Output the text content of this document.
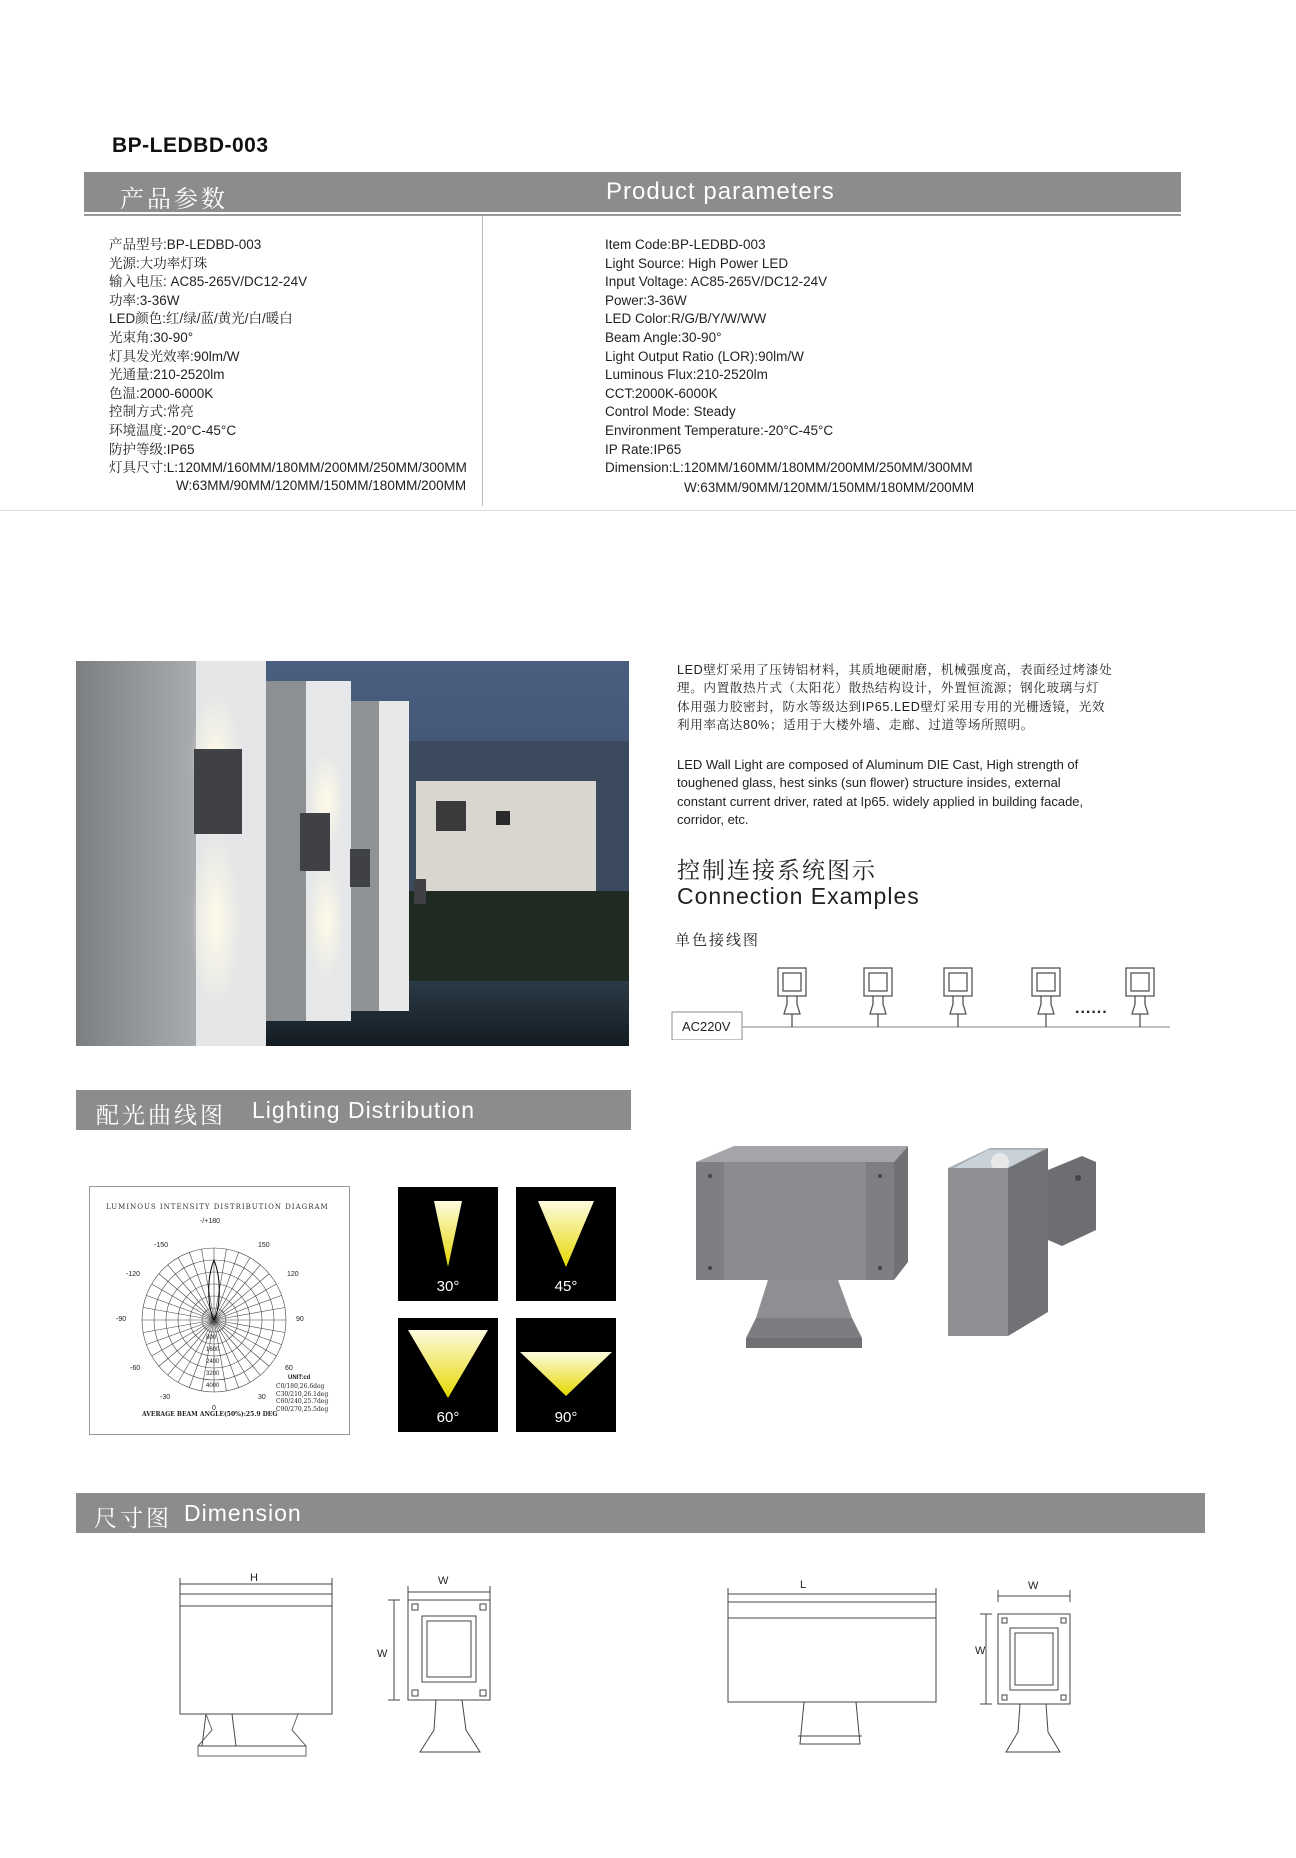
BP-LEDBD-003
产品参数	Product parameters
产品型号:BP-LEDBD-003
光源:大功率灯珠
输入电压: AC85-265V/DC12-24V
功率:3-36W
LED颜色:红/绿/蓝/黄光/白/暖白
光束角:30-90°
灯具发光效率:90lm/W
光通量:210-2520lm
色温:2000-6000K
控制方式:常亮
环境温度:-20°C-45°C
防护等级:IP65
灯具尺寸:L:120MM/160MM/180MM/200MM/250MM/300MM
W:63MM/90MM/120MM/150MM/180MM/200MM
Item Code:BP-LEDBD-003
Light Source: High Power LED
Input Voltage: AC85-265V/DC12-24V
Power:3-36W
LED Color:R/G/B/Y/W/WW
Beam Angle:30-90°
Light Output Ratio (LOR):90lm/W
Luminous Flux:210-2520lm
CCT:2000K-6000K
Control Mode: Steady
Environment Temperature:-20°C-45°C
IP Rate:IP65
Dimension:L:120MM/160MM/180MM/200MM/250MM/300MM
W:63MM/90MM/120MM/150MM/180MM/200MM
LED壁灯采用了压铸铝材料，其质地硬耐磨，机械强度高，表面经过烤漆处
理。内置散热片式（太阳花）散热结构设计，外置恒流源；钢化玻璃与灯
体用强力胶密封，防水等级达到IP65.LED壁灯采用专用的光栅透镜，光效
利用率高达80%；适用于大楼外墙、走廊、过道等场所照明。
LED Wall Light are composed of Aluminum DIE Cast, High strength of
toughened glass, hest sinks (sun flower) structure insides, external
constant current driver, rated at Ip65. widely applied in building facade,
corridor, etc.
控制连接系统图示
Connection Examples
单色接线图
AC220V
......
配光曲线图 Lighting Distribution
LUMINOUS INTENSITY DISTRIBUTION DIAGRAM
-/+180
-150	150
-120	120
-90	90
-60	60
-30	30
0
800
1600
2400
3200
4000
UNIT:cd
C0/180,26.6deg
C30/210,26.1deg
C60/240,25.7deg
C90/270,25.5deg
AVERAGE BEAM ANGLE(50%):25.9 DEG
30°	45°
60°	90°
尺寸图 Dimension
H	W
W
L	W
W
